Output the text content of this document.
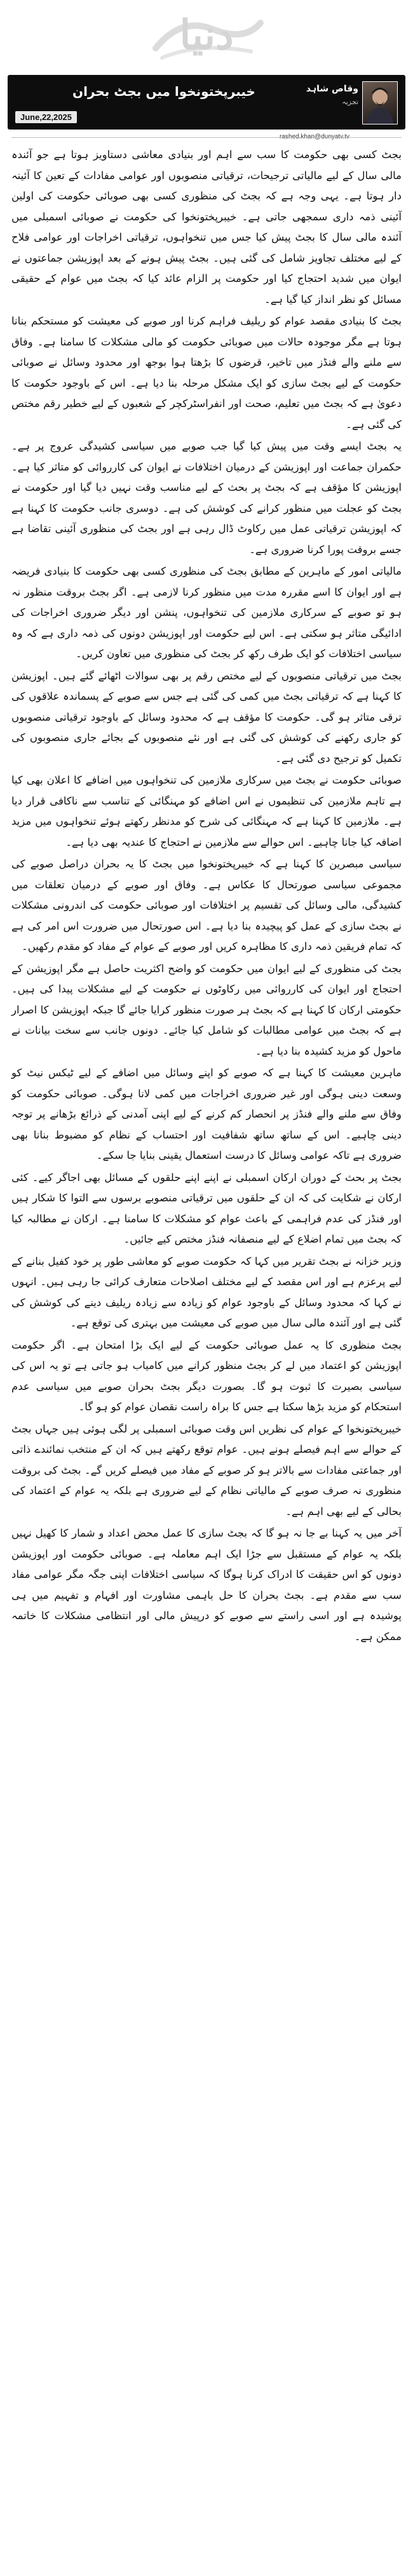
دنیا
خیبرپختونخوا میں بجٹ بحران
June,22,2025
وقاص شاہد
تجزیہ

بجٹ کسی بھی حکومت کا سب سے اہم اور بنیادی معاشی دستاویز ہوتا ہے جو آئندہ مالی سال کے لیے مالیاتی ترجیحات، ترقیاتی منصوبوں اور عوامی مفادات کے تعین کا آئینہ دار ہوتا ہے۔ یہی وجہ ہے کہ بجٹ کی منظوری کسی بھی صوبائی حکومت کی اولین آئینی ذمہ داری سمجھی جاتی ہے۔ خیبرپختونخوا کی حکومت نے صوبائی اسمبلی میں آئندہ مالی سال کا بجٹ پیش کیا جس میں تنخواہوں، ترقیاتی اخراجات اور عوامی فلاح کے لیے مختلف تجاویز شامل کی گئی ہیں۔ بجٹ پیش ہونے کے بعد اپوزیشن جماعتوں نے ایوان میں شدید احتجاج کیا اور حکومت پر الزام عائد کیا کہ بجٹ میں عوام کے حقیقی مسائل کو نظر انداز کیا گیا ہے۔

بجٹ کا بنیادی مقصد عوام کو ریلیف فراہم کرنا اور صوبے کی معیشت کو مستحکم بنانا ہوتا ہے مگر موجودہ حالات میں صوبائی حکومت کو مالی مشکلات کا سامنا ہے۔ وفاق سے ملنے والے فنڈز میں تاخیر، قرضوں کا بڑھتا ہوا بوجھ اور محدود وسائل نے صوبائی حکومت کے لیے بجٹ سازی کو ایک مشکل مرحلہ بنا دیا ہے۔ اس کے باوجود حکومت کا دعویٰ ہے کہ بجٹ میں تعلیم، صحت اور انفراسٹرکچر کے شعبوں کے لیے خطیر رقم مختص کی گئی ہے۔

یہ بجٹ ایسے وقت میں پیش کیا گیا جب صوبے میں سیاسی کشیدگی عروج پر ہے۔ حکمران جماعت اور اپوزیشن کے درمیان اختلافات نے ایوان کی کارروائی کو متاثر کیا ہے۔ اپوزیشن کا مؤقف ہے کہ بجٹ پر بحث کے لیے مناسب وقت نہیں دیا گیا اور حکومت نے بجٹ کو عجلت میں منظور کرانے کی کوشش کی ہے۔ دوسری جانب حکومت کا کہنا ہے کہ اپوزیشن ترقیاتی عمل میں رکاوٹ ڈال رہی ہے اور بجٹ کی منظوری آئینی تقاضا ہے جسے بروقت پورا کرنا ضروری ہے۔

مالیاتی امور کے ماہرین کے مطابق بجٹ کی منظوری کسی بھی حکومت کا بنیادی فریضہ ہے اور ایوان کا اسے مقررہ مدت میں منظور کرنا لازمی ہے۔ اگر بجٹ بروقت منظور نہ ہو تو صوبے کے سرکاری ملازمین کی تنخواہوں، پنشن اور دیگر ضروری اخراجات کی ادائیگی متاثر ہو سکتی ہے۔ اس لیے حکومت اور اپوزیشن دونوں کی ذمہ داری ہے کہ وہ سیاسی اختلافات کو ایک طرف رکھ کر بجٹ کی منظوری میں تعاون کریں۔

بجٹ میں ترقیاتی منصوبوں کے لیے مختص رقم پر بھی سوالات اٹھائے گئے ہیں۔ اپوزیشن کا کہنا ہے کہ ترقیاتی بجٹ میں کمی کی گئی ہے جس سے صوبے کے پسماندہ علاقوں کی ترقی متاثر ہو گی۔ حکومت کا مؤقف ہے کہ محدود وسائل کے باوجود ترقیاتی منصوبوں کو جاری رکھنے کی کوشش کی گئی ہے اور نئے منصوبوں کے بجائے جاری منصوبوں کی تکمیل کو ترجیح دی گئی ہے۔

صوبائی حکومت نے بجٹ میں سرکاری ملازمین کی تنخواہوں میں اضافے کا اعلان بھی کیا ہے تاہم ملازمین کی تنظیموں نے اس اضافے کو مہنگائی کے تناسب سے ناکافی قرار دیا ہے۔ ملازمین کا کہنا ہے کہ مہنگائی کی شرح کو مدنظر رکھتے ہوئے تنخواہوں میں مزید اضافہ کیا جانا چاہیے۔ اس حوالے سے ملازمین نے احتجاج کا عندیہ بھی دیا ہے۔

سیاسی مبصرین کا کہنا ہے کہ خیبرپختونخوا میں بجٹ کا یہ بحران دراصل صوبے کی مجموعی سیاسی صورتحال کا عکاس ہے۔ وفاق اور صوبے کے درمیان تعلقات میں کشیدگی، مالی وسائل کی تقسیم پر اختلافات اور صوبائی حکومت کی اندرونی مشکلات نے بجٹ سازی کے عمل کو پیچیدہ بنا دیا ہے۔ اس صورتحال میں ضرورت اس امر کی ہے کہ تمام فریقین ذمہ داری کا مظاہرہ کریں اور صوبے کے عوام کے مفاد کو مقدم رکھیں۔

بجٹ کی منظوری کے لیے ایوان میں حکومت کو واضح اکثریت حاصل ہے مگر اپوزیشن کے احتجاج اور ایوان کی کارروائی میں رکاوٹوں نے حکومت کے لیے مشکلات پیدا کی ہیں۔ حکومتی ارکان کا کہنا ہے کہ بجٹ ہر صورت منظور کرایا جائے گا جبکہ اپوزیشن کا اصرار ہے کہ بجٹ میں عوامی مطالبات کو شامل کیا جائے۔ دونوں جانب سے سخت بیانات نے ماحول کو مزید کشیدہ بنا دیا ہے۔

ماہرین معیشت کا کہنا ہے کہ صوبے کو اپنے وسائل میں اضافے کے لیے ٹیکس نیٹ کو وسعت دینی ہوگی اور غیر ضروری اخراجات میں کمی لانا ہوگی۔ صوبائی حکومت کو وفاق سے ملنے والے فنڈز پر انحصار کم کرنے کے لیے اپنی آمدنی کے ذرائع بڑھانے پر توجہ دینی چاہیے۔ اس کے ساتھ ساتھ شفافیت اور احتساب کے نظام کو مضبوط بنانا بھی ضروری ہے تاکہ عوامی وسائل کا درست استعمال یقینی بنایا جا سکے۔

بجٹ پر بحث کے دوران ارکان اسمبلی نے اپنے اپنے حلقوں کے مسائل بھی اجاگر کیے۔ کئی ارکان نے شکایت کی کہ ان کے حلقوں میں ترقیاتی منصوبے برسوں سے التوا کا شکار ہیں اور فنڈز کی عدم فراہمی کے باعث عوام کو مشکلات کا سامنا ہے۔ ارکان نے مطالبہ کیا کہ بجٹ میں تمام اضلاع کے لیے منصفانہ فنڈز مختص کیے جائیں۔

وزیر خزانہ نے بجٹ تقریر میں کہا کہ حکومت صوبے کو معاشی طور پر خود کفیل بنانے کے لیے پرعزم ہے اور اس مقصد کے لیے مختلف اصلاحات متعارف کرائی جا رہی ہیں۔ انہوں نے کہا کہ محدود وسائل کے باوجود عوام کو زیادہ سے زیادہ ریلیف دینے کی کوشش کی گئی ہے اور آئندہ مالی سال میں صوبے کی معیشت میں بہتری کی توقع ہے۔

بجٹ منظوری کا یہ عمل صوبائی حکومت کے لیے ایک بڑا امتحان ہے۔ اگر حکومت اپوزیشن کو اعتماد میں لے کر بجٹ منظور کرانے میں کامیاب ہو جاتی ہے تو یہ اس کی سیاسی بصیرت کا ثبوت ہو گا۔ بصورت دیگر بجٹ بحران صوبے میں سیاسی عدم استحکام کو مزید بڑھا سکتا ہے جس کا براہ راست نقصان عوام کو ہو گا۔

خیبرپختونخوا کے عوام کی نظریں اس وقت صوبائی اسمبلی پر لگی ہوئی ہیں جہاں بجٹ کے حوالے سے اہم فیصلے ہونے ہیں۔ عوام توقع رکھتے ہیں کہ ان کے منتخب نمائندے ذاتی اور جماعتی مفادات سے بالاتر ہو کر صوبے کے مفاد میں فیصلے کریں گے۔ بجٹ کی بروقت منظوری نہ صرف صوبے کے مالیاتی نظام کے لیے ضروری ہے بلکہ یہ عوام کے اعتماد کی بحالی کے لیے بھی اہم ہے۔

آخر میں یہ کہنا بے جا نہ ہو گا کہ بجٹ سازی کا عمل محض اعداد و شمار کا کھیل نہیں بلکہ یہ عوام کے مستقبل سے جڑا ایک اہم معاملہ ہے۔ صوبائی حکومت اور اپوزیشن دونوں کو اس حقیقت کا ادراک کرنا ہوگا کہ سیاسی اختلافات اپنی جگہ مگر عوامی مفاد سب سے مقدم ہے۔ بجٹ بحران کا حل باہمی مشاورت اور افہام و تفہیم میں ہی پوشیدہ ہے اور اسی راستے سے صوبے کو درپیش مالی اور انتظامی مشکلات کا خاتمہ ممکن ہے۔
